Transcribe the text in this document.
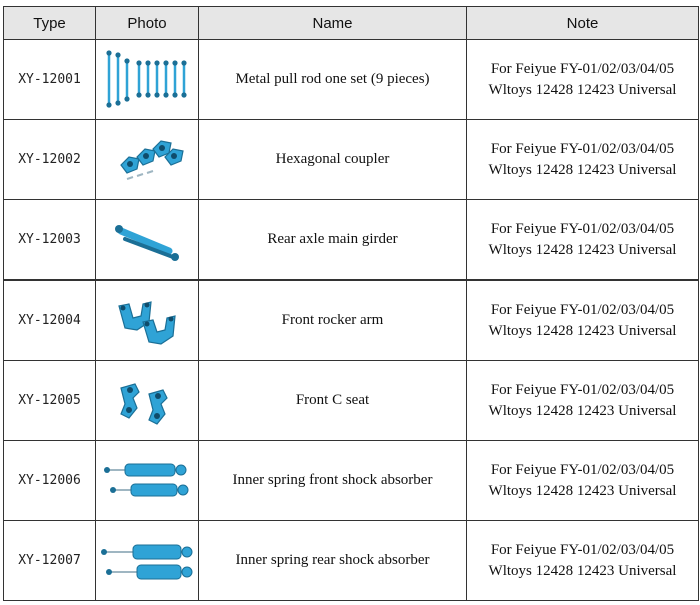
Type	Photo	Name	Note
XY-12001		Metal pull rod one set (9 pieces)	For Feiyue FY-01/02/03/04/05
Wltoys 12428 12423 Universal

XY-12002		Hexagonal coupler	For Feiyue FY-01/02/03/04/05
Wltoys 12428 12423 Universal

XY-12003		Rear axle main girder	For Feiyue FY-01/02/03/04/05
Wltoys 12428 12423 Universal

XY-12004		Front rocker arm	For Feiyue FY-01/02/03/04/05
Wltoys 12428 12423 Universal

XY-12005		Front C seat	For Feiyue FY-01/02/03/04/05
Wltoys 12428 12423 Universal

XY-12006		Inner spring front shock absorber	For Feiyue FY-01/02/03/04/05
Wltoys 12428 12423 Universal

XY-12007		Inner spring rear shock absorber	For Feiyue FY-01/02/03/04/05
Wltoys 12428 12423 Universal
